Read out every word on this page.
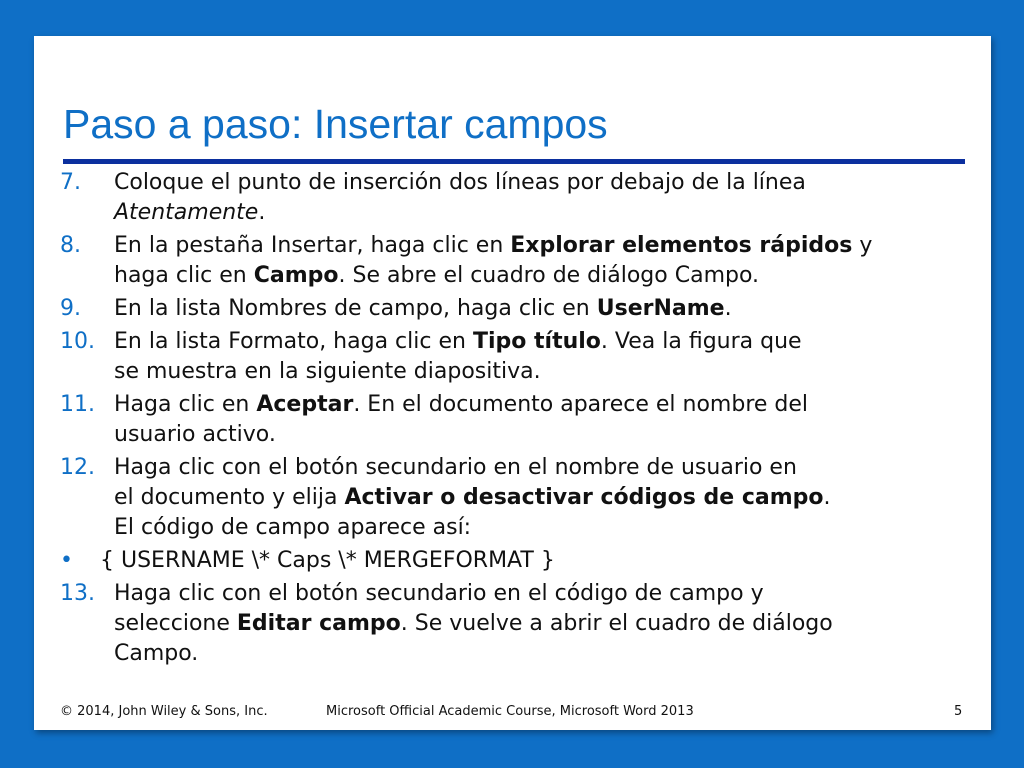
Paso a paso: Insertar campos
7. Coloque el punto de inserción dos líneas por debajo de la línea
Atentamente.
8. En la pestaña Insertar, haga clic en Explorar elementos rápidos y
haga clic en Campo. Se abre el cuadro de diálogo Campo.
9. En la lista Nombres de campo, haga clic en UserName.
10. En la lista Formato, haga clic en Tipo título. Vea la figura que
se muestra en la siguiente diapositiva.
11. Haga clic en Aceptar. En el documento aparece el nombre del
usuario activo.
12. Haga clic con el botón secundario en el nombre de usuario en
el documento y elija Activar o desactivar códigos de campo.
El código de campo aparece así:
• { USERNAME \* Caps \* MERGEFORMAT }
13. Haga clic con el botón secundario en el código de campo y
seleccione Editar campo. Se vuelve a abrir el cuadro de diálogo
Campo.
© 2014, John Wiley & Sons, Inc.	Microsoft Official Academic Course, Microsoft Word 2013	5
